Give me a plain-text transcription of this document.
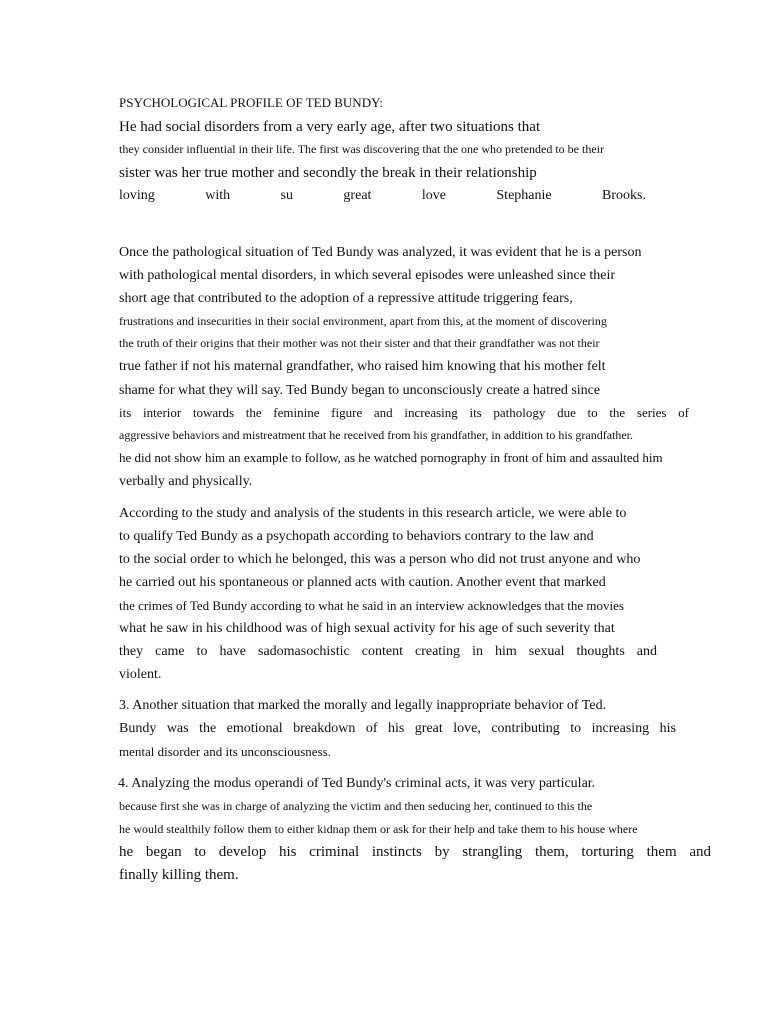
PSYCHOLOGICAL PROFILE OF TED BUNDY:
He had social disorders from a very early age, after two situations that
they consider influential in their life. The first was discovering that the one who pretended to be their
sister was her true mother and secondly the break in their relationship
loving with su great love Stephanie Brooks.
Once the pathological situation of Ted Bundy was analyzed, it was evident that he is a person
with pathological mental disorders, in which several episodes were unleashed since their
short age that contributed to the adoption of a repressive attitude triggering fears,
frustrations and insecurities in their social environment, apart from this, at the moment of discovering
the truth of their origins that their mother was not their sister and that their grandfather was not their
true father if not his maternal grandfather, who raised him knowing that his mother felt
shame for what they will say. Ted Bundy began to unconsciously create a hatred since
its interior towards the feminine figure and increasing its pathology due to the series of
aggressive behaviors and mistreatment that he received from his grandfather, in addition to his grandfather.
he did not show him an example to follow, as he watched pornography in front of him and assaulted him
verbally and physically.
According to the study and analysis of the students in this research article, we were able to
to qualify Ted Bundy as a psychopath according to behaviors contrary to the law and
to the social order to which he belonged, this was a person who did not trust anyone and who
he carried out his spontaneous or planned acts with caution. Another event that marked
the crimes of Ted Bundy according to what he said in an interview acknowledges that the movies
what he saw in his childhood was of high sexual activity for his age of such severity that
they came to have sadomasochistic content creating in him sexual thoughts and
violent.
3. Another situation that marked the morally and legally inappropriate behavior of Ted.
Bundy was the emotional breakdown of his great love, contributing to increasing his
mental disorder and its unconsciousness.
4. Analyzing the modus operandi of Ted Bundy's criminal acts, it was very particular.
because first she was in charge of analyzing the victim and then seducing her, continued to this the
he would stealthily follow them to either kidnap them or ask for their help and take them to his house where
he began to develop his criminal instincts by strangling them, torturing them and
finally killing them.
